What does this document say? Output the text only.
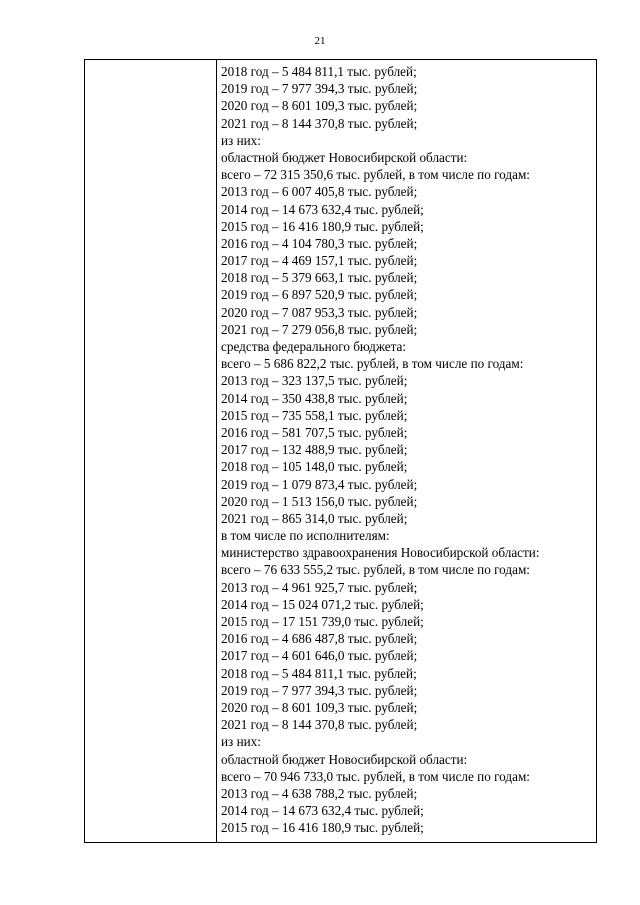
21
2018 год – 5 484 811,1 тыс. рублей;
2019 год – 7 977 394,3 тыс. рублей;
2020 год – 8 601 109,3 тыс. рублей;
2021 год – 8 144 370,8 тыс. рублей;
из них:
областной бюджет Новосибирской области:
всего – 72 315 350,6 тыс. рублей, в том числе по годам:
2013 год – 6 007 405,8 тыс. рублей;
2014 год – 14 673 632,4 тыс. рублей;
2015 год – 16 416 180,9 тыс. рублей;
2016 год – 4 104 780,3 тыс. рублей;
2017 год – 4 469 157,1 тыс. рублей;
2018 год – 5 379 663,1 тыс. рублей;
2019 год – 6 897 520,9 тыс. рублей;
2020 год – 7 087 953,3 тыс. рублей;
2021 год – 7 279 056,8 тыс. рублей;
средства федерального бюджета:
всего – 5 686 822,2 тыс. рублей, в том числе по годам:
2013 год – 323 137,5 тыс. рублей;
2014 год – 350 438,8 тыс. рублей;
2015 год – 735 558,1 тыс. рублей;
2016 год – 581 707,5 тыс. рублей;
2017 год – 132 488,9 тыс. рублей;
2018 год – 105 148,0 тыс. рублей;
2019 год – 1 079 873,4 тыс. рублей;
2020 год – 1 513 156,0 тыс. рублей;
2021 год – 865 314,0 тыс. рублей;
в том числе по исполнителям:
министерство здравоохранения Новосибирской области:
всего – 76 633 555,2 тыс. рублей, в том числе по годам:
2013 год – 4 961 925,7 тыс. рублей;
2014 год – 15 024 071,2 тыс. рублей;
2015 год – 17 151 739,0 тыс. рублей;
2016 год – 4 686 487,8 тыс. рублей;
2017 год – 4 601 646,0 тыс. рублей;
2018 год – 5 484 811,1 тыс. рублей;
2019 год – 7 977 394,3 тыс. рублей;
2020 год – 8 601 109,3 тыс. рублей;
2021 год – 8 144 370,8 тыс. рублей;
из них:
областной бюджет Новосибирской области:
всего – 70 946 733,0 тыс. рублей, в том числе по годам:
2013 год – 4 638 788,2 тыс. рублей;
2014 год – 14 673 632,4 тыс. рублей;
2015 год – 16 416 180,9 тыс. рублей;
